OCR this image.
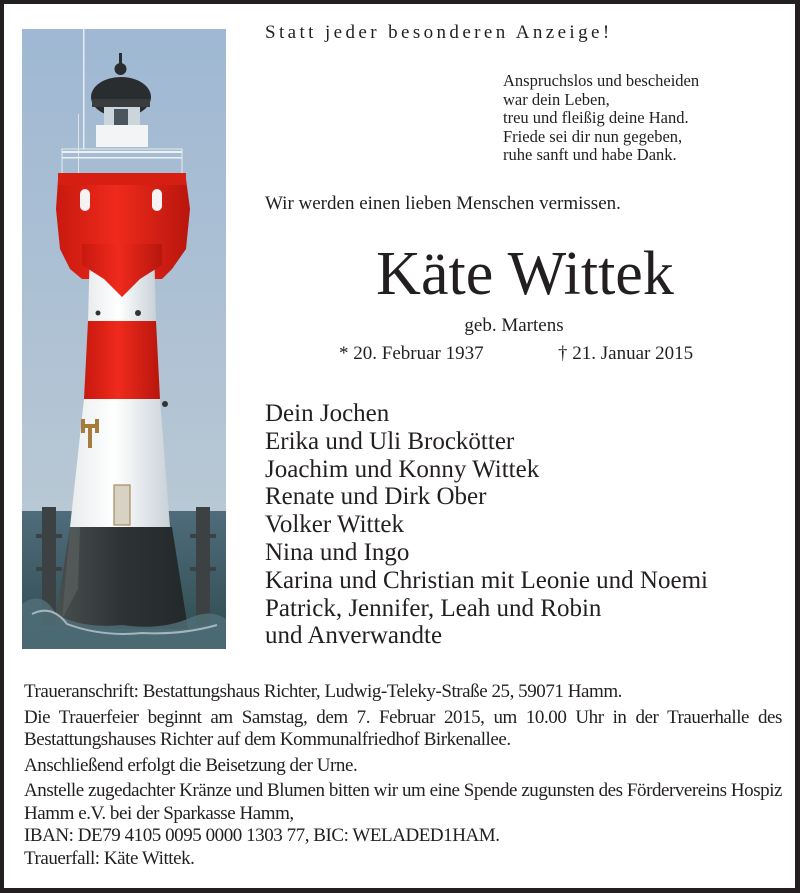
Statt jeder besonderen Anzeige!
Anspruchslos und bescheiden
war dein Leben,
treu und fleißig deine Hand.
Friede sei dir nun gegeben,
ruhe sanft und habe Dank.
Wir werden einen lieben Menschen vermissen.
Käte Wittek
geb. Martens
* 20. Februar 1937	† 21. Januar 2015
Dein Jochen
Erika und Uli Brockötter
Joachim und Konny Wittek
Renate und Dirk Ober
Volker Wittek
Nina und Ingo
Karina und Christian mit Leonie und Noemi
Patrick, Jennifer, Leah und Robin
und Anverwandte

Traueranschrift: Bestattungshaus Richter, Ludwig-Teleky-Straße 25, 59071 Hamm.

Die Trauerfeier beginnt am Samstag, dem 7. Februar 2015, um 10.00 Uhr in der Trauerhalle des Bestattungshauses Richter auf dem Kommunalfriedhof Birkenallee.

Anschließend erfolgt die Beisetzung der Urne.

Anstelle zugedachter Kränze und Blumen bitten wir um eine Spende zugunsten des Fördervereins Hospiz Hamm e.V. bei der Sparkasse Hamm,

IBAN: DE79 4105 0095 0000 1303 77, BIC: WELADED1HAM.

Trauerfall: Käte Wittek.
